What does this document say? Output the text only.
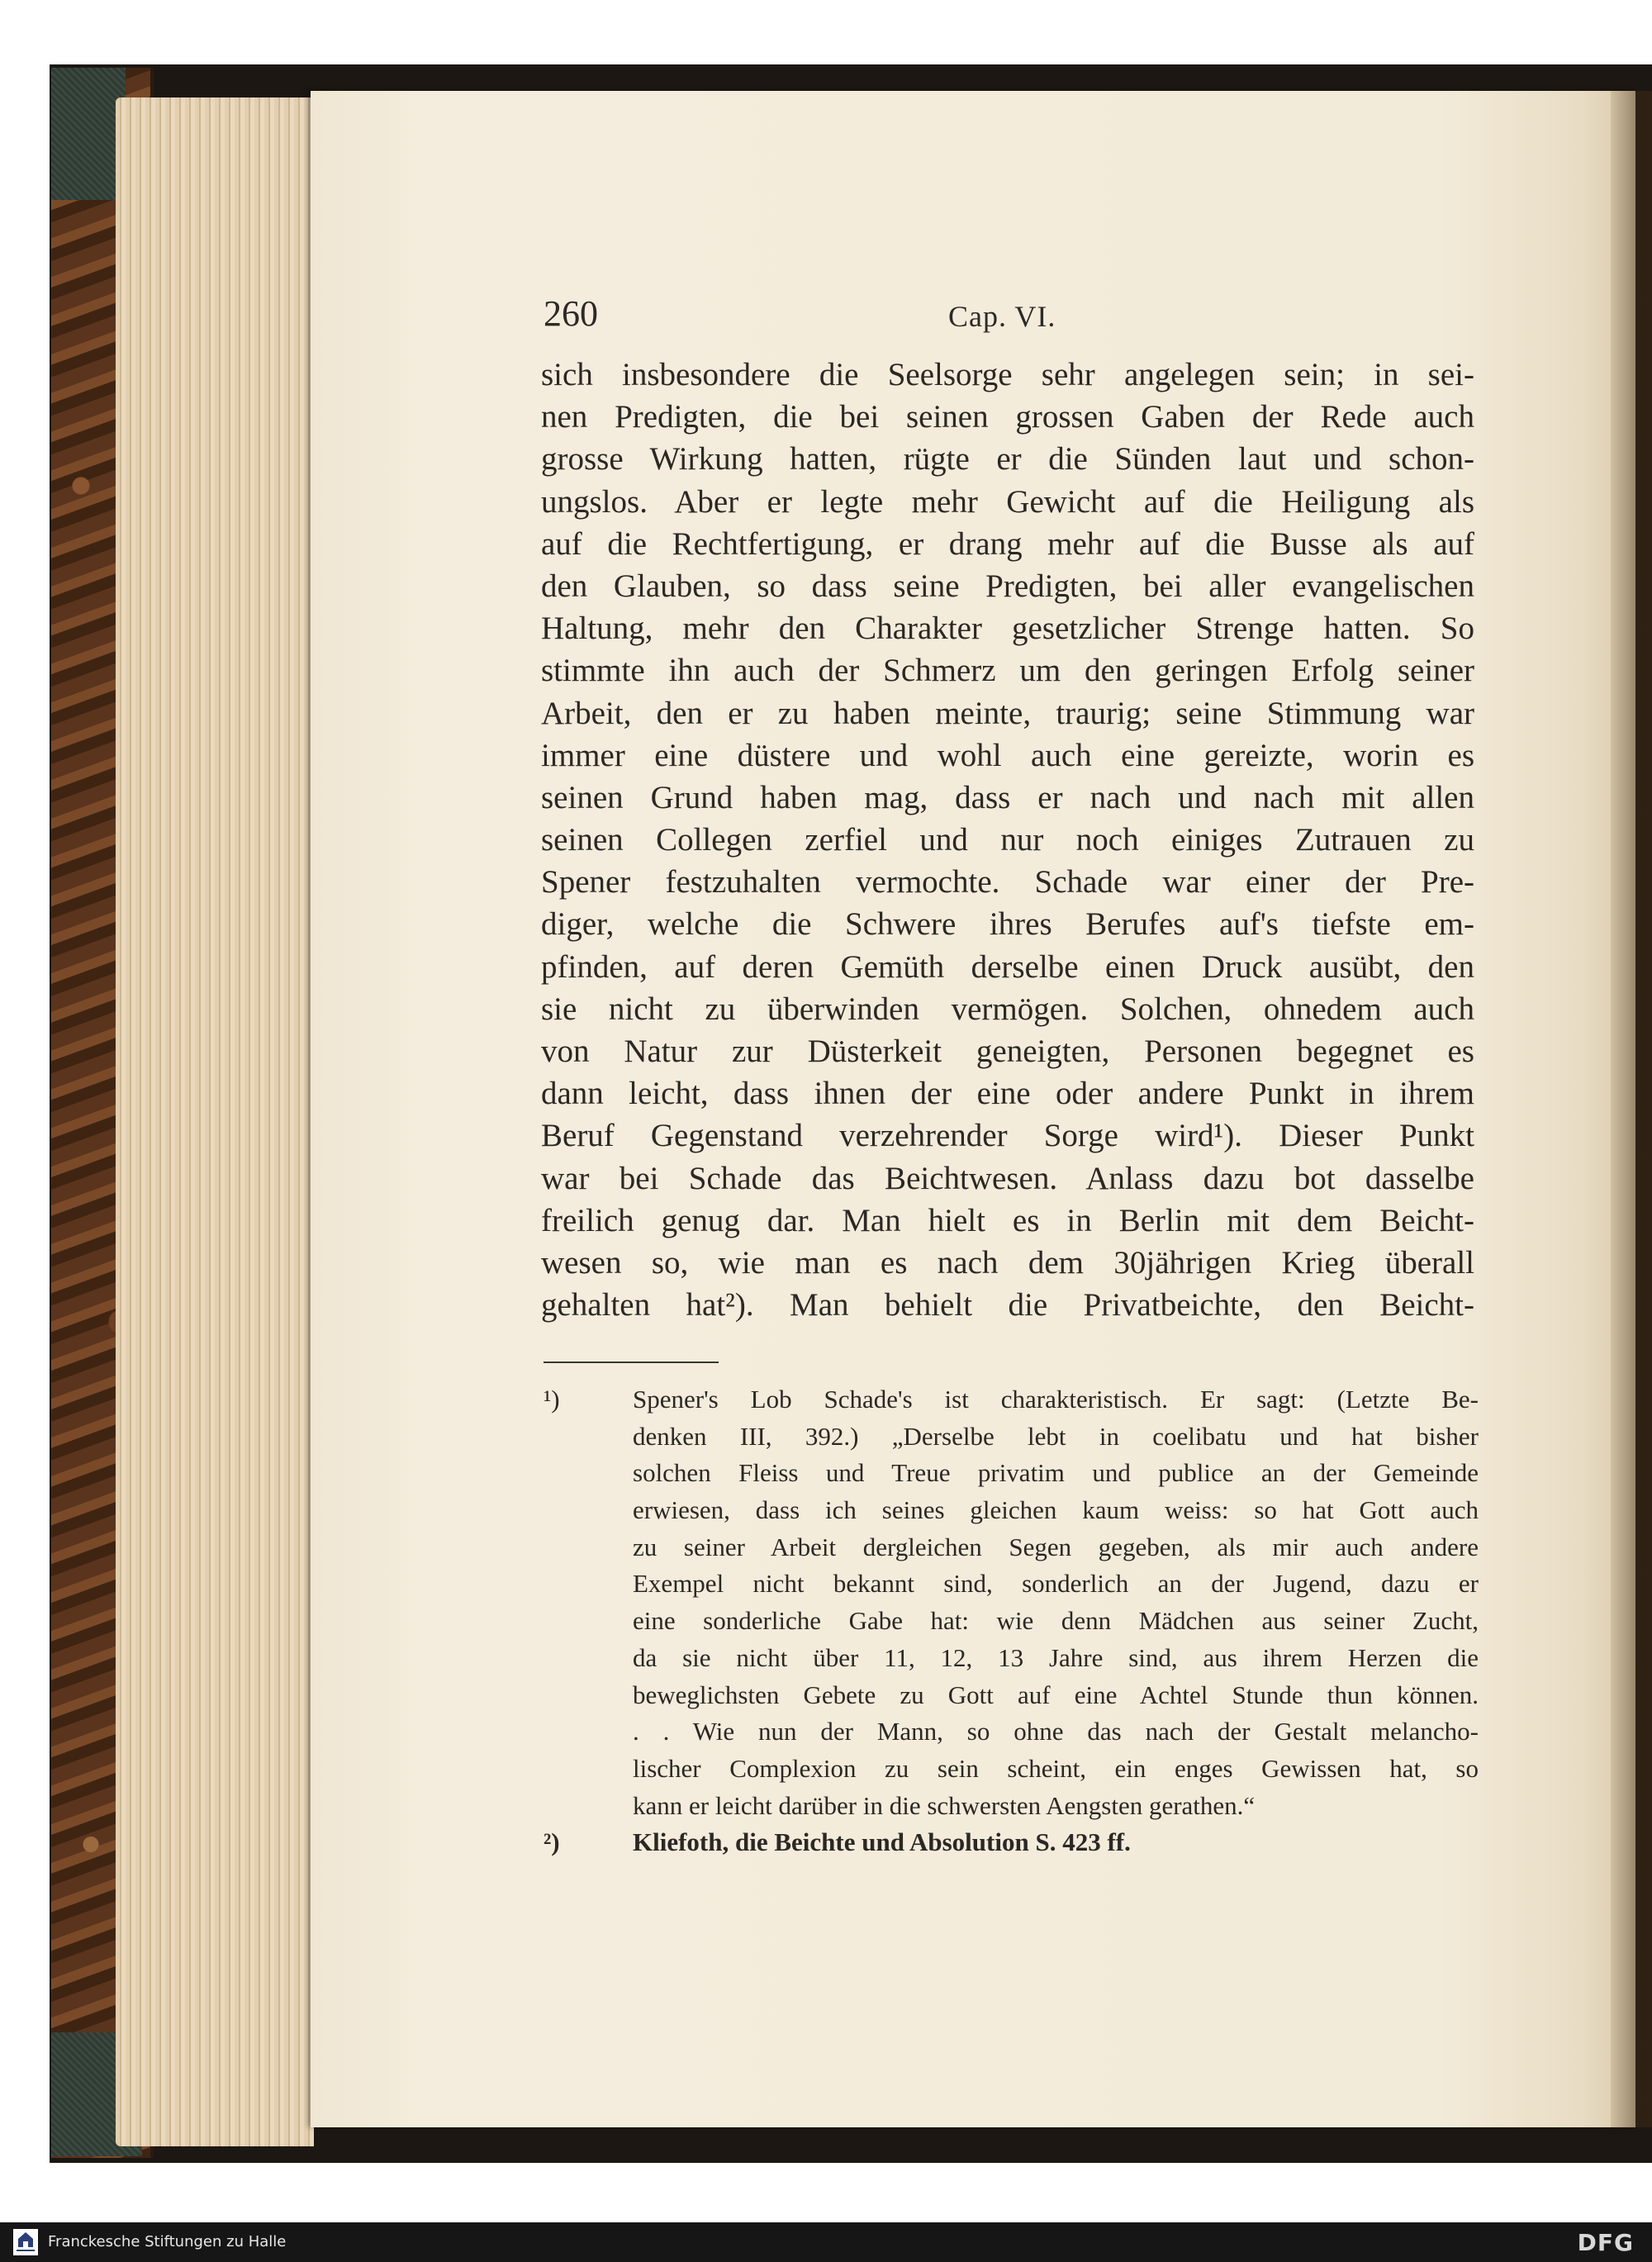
260	Cap. VI.
sich insbesondere die Seelsorge sehr angelegen sein; in sei-
nen Predigten, die bei seinen grossen Gaben der Rede auch
grosse Wirkung hatten, rügte er die Sünden laut und schon-
ungslos. Aber er legte mehr Gewicht auf die Heiligung als
auf die Rechtfertigung, er drang mehr auf die Busse als auf
den Glauben, so dass seine Predigten, bei aller evangelischen
Haltung, mehr den Charakter gesetzlicher Strenge hatten. So
stimmte ihn auch der Schmerz um den geringen Erfolg seiner
Arbeit, den er zu haben meinte, traurig; seine Stimmung war
immer eine düstere und wohl auch eine gereizte, worin es
seinen Grund haben mag, dass er nach und nach mit allen
seinen Collegen zerfiel und nur noch einiges Zutrauen zu
Spener festzuhalten vermochte. Schade war einer der Pre-
diger, welche die Schwere ihres Berufes auf's tiefste em-
pfinden, auf deren Gemüth derselbe einen Druck ausübt, den
sie nicht zu überwinden vermögen. Solchen, ohnedem auch
von Natur zur Düsterkeit geneigten, Personen begegnet es
dann leicht, dass ihnen der eine oder andere Punkt in ihrem
Beruf Gegenstand verzehrender Sorge wird¹). Dieser Punkt
war bei Schade das Beichtwesen. Anlass dazu bot dasselbe
freilich genug dar. Man hielt es in Berlin mit dem Beicht-
wesen so, wie man es nach dem 30jährigen Krieg überall
gehalten hat²). Man behielt die Privatbeichte, den Beicht-
¹)	Spener's Lob Schade's ist charakteristisch. Er sagt: (Letzte Be-
denken III, 392.) „Derselbe lebt in coelibatu und hat bisher
solchen Fleiss und Treue privatim und publice an der Gemeinde
erwiesen, dass ich seines gleichen kaum weiss: so hat Gott auch
zu seiner Arbeit dergleichen Segen gegeben, als mir auch andere
Exempel nicht bekannt sind, sonderlich an der Jugend, dazu er
eine sonderliche Gabe hat: wie denn Mädchen aus seiner Zucht,
da sie nicht über 11, 12, 13 Jahre sind, aus ihrem Herzen die
beweglichsten Gebete zu Gott auf eine Achtel Stunde thun können.
. . Wie nun der Mann, so ohne das nach der Gestalt melancho-
lischer Complexion zu sein scheint, ein enges Gewissen hat, so
kann er leicht darüber in die schwersten Aengsten gerathen.“
²)	Kliefoth, die Beichte und Absolution S. 423 ff.
Franckesche Stiftungen zu Halle	DFG
